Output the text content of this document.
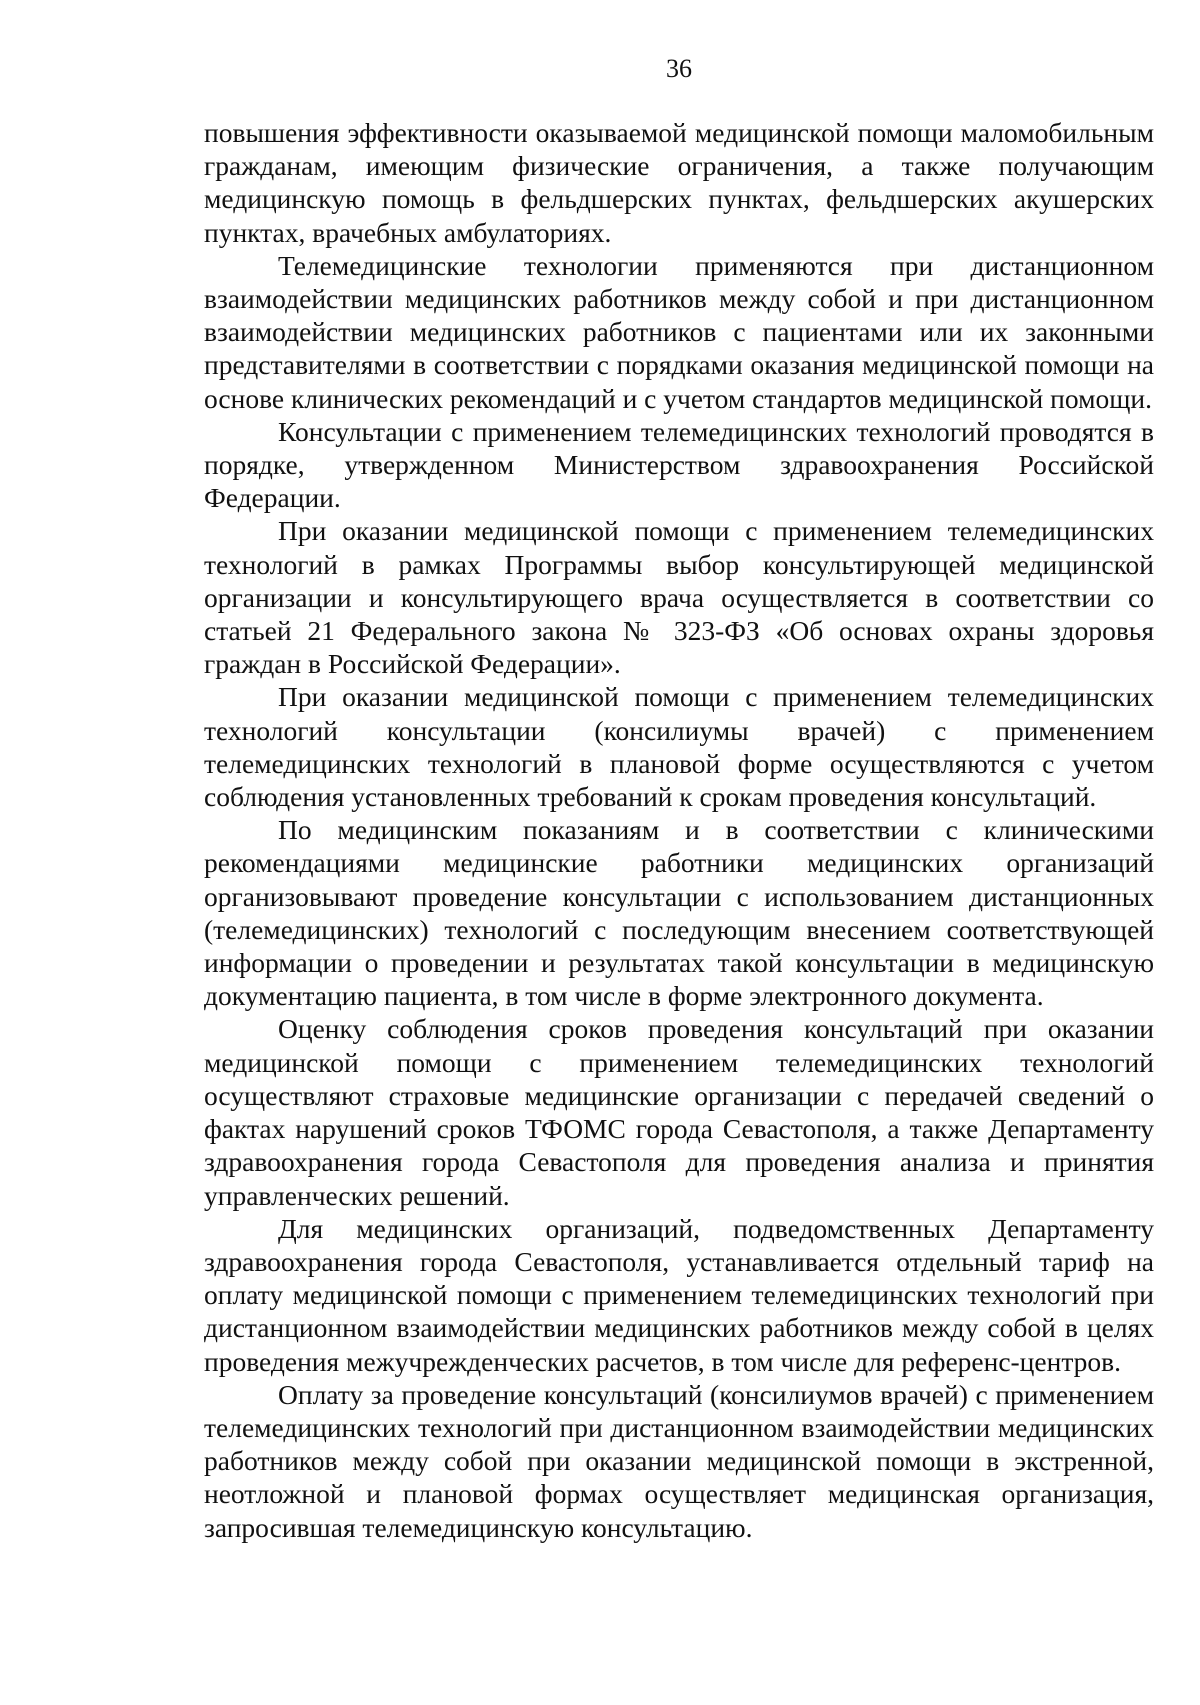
36

повышения эффективности оказываемой медицинской помощи маломобильным гражданам, имеющим физические ограничения, а также получающим медицинскую помощь в фельдшерских пунктах, фельдшерских акушерских пунктах, врачебных амбулаториях.

Телемедицинские технологии применяются при дистанционном взаимодействии медицинских работников между собой и при дистанционном взаимодействии медицинских работников с пациентами или их законными представителями в соответствии с порядками оказания медицинской помощи на основе клинических рекомендаций и с учетом стандартов медицинской помощи.

Консультации с применением телемедицинских технологий проводятся в порядке, утвержденном Министерством здравоохранения Российской Федерации.

При оказании медицинской помощи с применением телемедицинских технологий в рамках Программы выбор консультирующей медицинской организации и консультирующего врача осуществляется в соответствии со статьей 21 Федерального закона № 323-ФЗ «Об основах охраны здоровья граждан в Российской Федерации».

При оказании медицинской помощи с применением телемедицинских технологий консультации (консилиумы врачей) с применением телемедицинских технологий в плановой форме осуществляются с учетом соблюдения установленных требований к срокам проведения консультаций.

По медицинским показаниям и в соответствии с клиническими рекомендациями медицинские работники медицинских организаций организовывают проведение консультации с использованием дистанционных (телемедицинских) технологий с последующим внесением соответствующей информации о проведении и результатах такой консультации в медицинскую документацию пациента, в том числе в форме электронного документа.

Оценку соблюдения сроков проведения консультаций при оказании медицинской помощи с применением телемедицинских технологий осуществляют страховые медицинские организации с передачей сведений о фактах нарушений сроков ТФОМС города Севастополя, а также Департаменту здравоохранения города Севастополя для проведения анализа и принятия управленческих решений.

Для медицинских организаций, подведомственных Департаменту здравоохранения города Севастополя, устанавливается отдельный тариф на оплату медицинской помощи с применением телемедицинских технологий при дистанционном взаимодействии медицинских работников между собой в целях проведения межучрежденческих расчетов, в том числе для референс-центров.

Оплату за проведение консультаций (консилиумов врачей) с применением телемедицинских технологий при дистанционном взаимодействии медицинских работников между собой при оказании медицинской помощи в экстренной, неотложной и плановой формах осуществляет медицинская организация, запросившая телемедицинскую консультацию.
